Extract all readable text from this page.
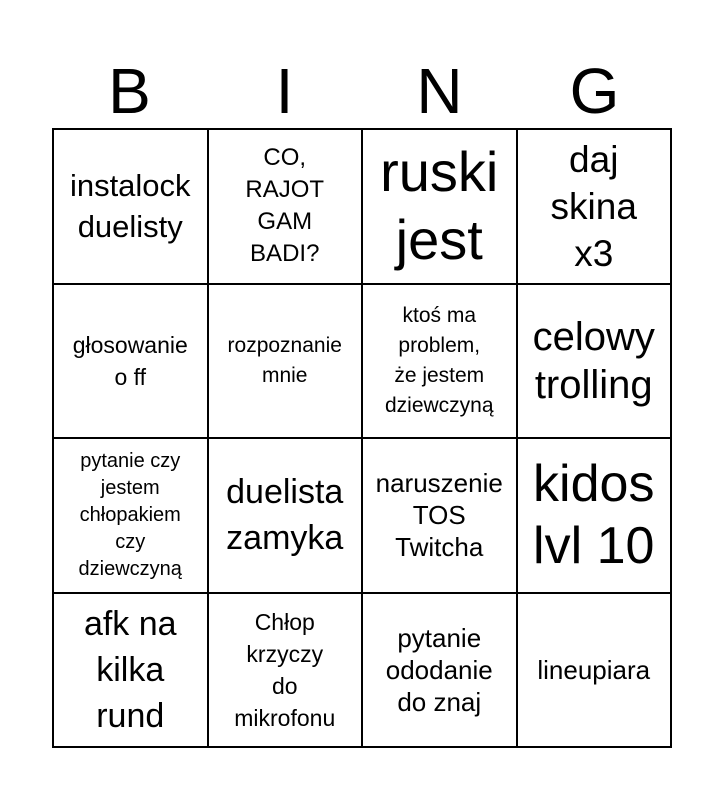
B	I	N	G
instalock
duelisty
CO,
RAJOT
GAM
BADI?
ruski
jest
daj
skina
x3
głosowanie
o ff
rozpoznanie
mnie
ktoś ma
problem,
że jestem
dziewczyną
celowy
trolling
pytanie czy
jestem
chłopakiem
czy
dziewczyną
duelista
zamyka
naruszenie
TOS
Twitcha
kidos
lvl 10
afk na
kilka
rund
Chłop
krzyczy
do
mikrofonu
pytanie
ododanie
do znaj
lineupiara
